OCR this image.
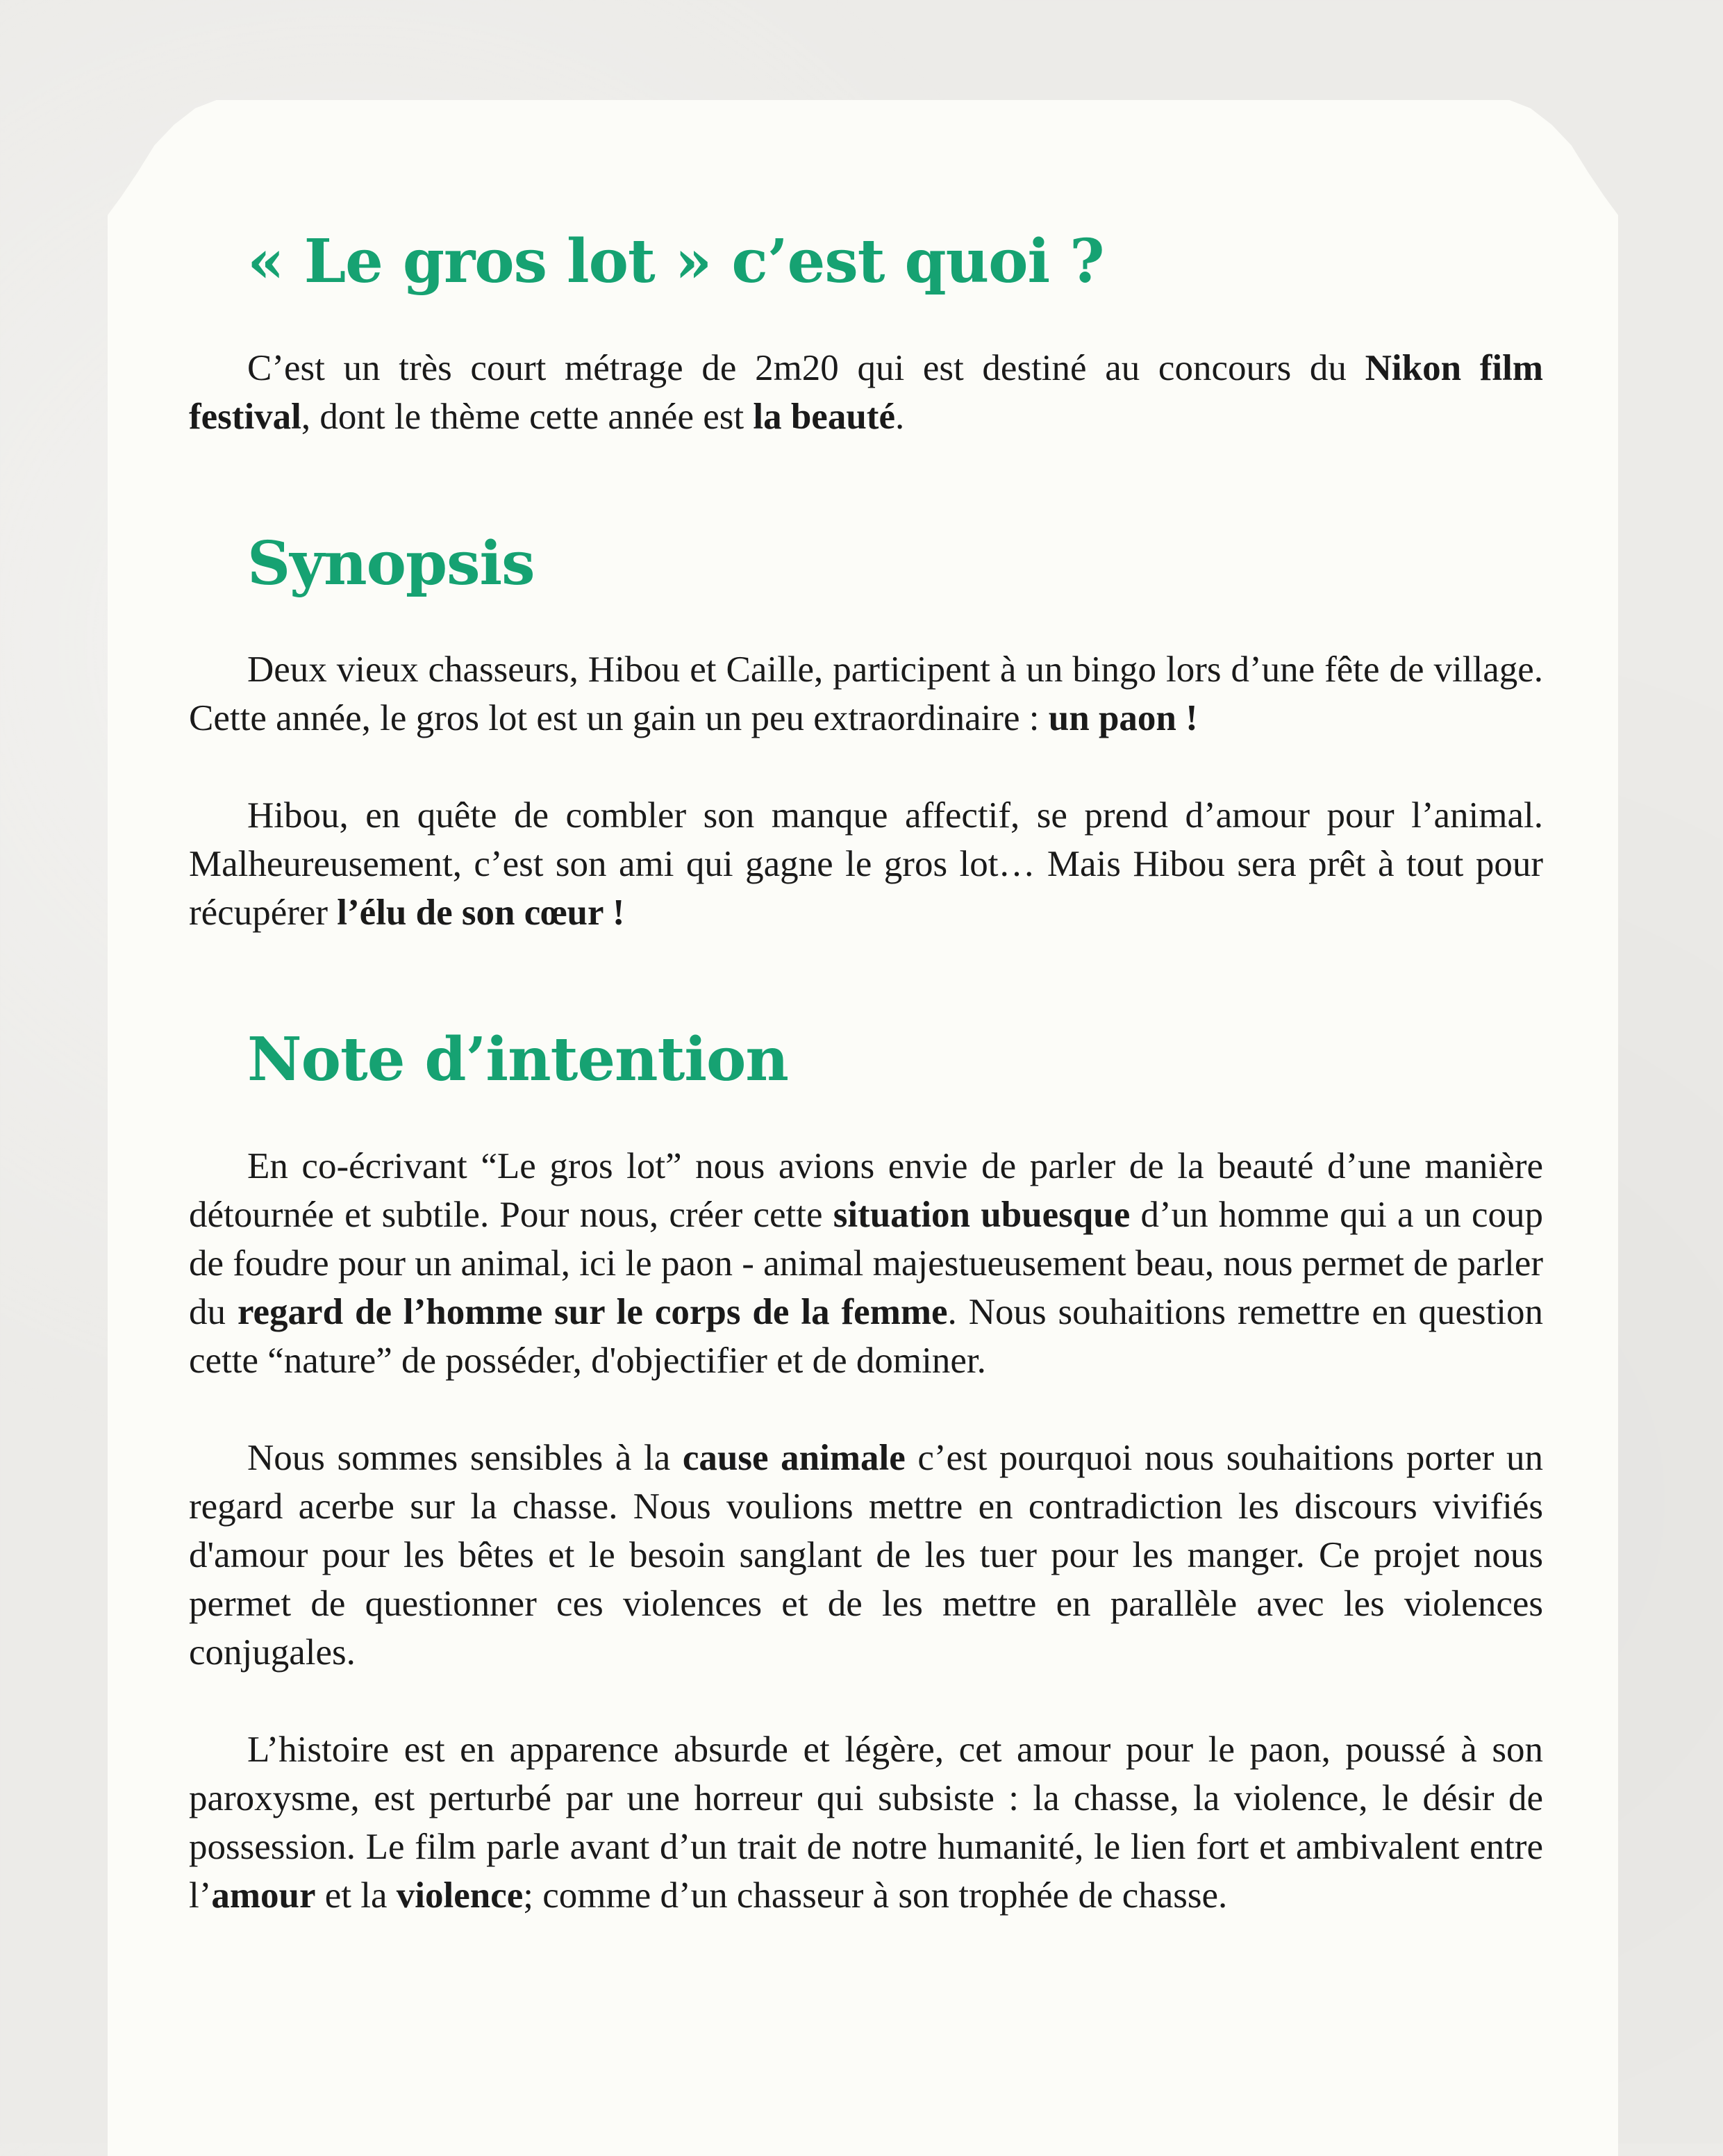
« Le gros lot » c’est quoi ?

C’est un très court métrage de 2m20 qui est destiné au concours du Nikon film festival, dont le thème cette année est la beauté.

Synopsis

Deux vieux chasseurs, Hibou et Caille, participent à un bingo lors d’une fête de village. Cette année, le gros lot est un gain un peu extraordinaire : un paon !

Hibou, en quête de combler son manque affectif, se prend d’amour pour l’animal. Malheureusement, c’est son ami qui gagne le gros lot… Mais Hibou sera prêt à tout pour récupérer l’élu de son cœur !

Note d’intention

En co-écrivant “Le gros lot” nous avions envie de parler de la beauté d’une manière détournée et subtile. Pour nous, créer cette situation ubuesque d’un homme qui a un coup de foudre pour un animal, ici le paon - animal majestueusement beau, nous permet de parler du regard de l’homme sur le corps de la femme. Nous souhaitions remettre en question cette “nature” de posséder, d'objectifier et de dominer.

Nous sommes sensibles à la cause animale c’est pourquoi nous souhaitions porter un regard acerbe sur la chasse. Nous voulions mettre en contradiction les discours vivifiés d'amour pour les bêtes et le besoin sanglant de les tuer pour les manger. Ce projet nous permet de questionner ces violences et de les mettre en parallèle avec les violences conjugales.

L’histoire est en apparence absurde et légère, cet amour pour le paon, poussé à son paroxysme, est perturbé par une horreur qui subsiste : la chasse, la violence, le désir de possession. Le film parle avant d’un trait de notre humanité, le lien fort et ambivalent entre l’amour et la violence; comme d’un chasseur à son trophée de chasse.
